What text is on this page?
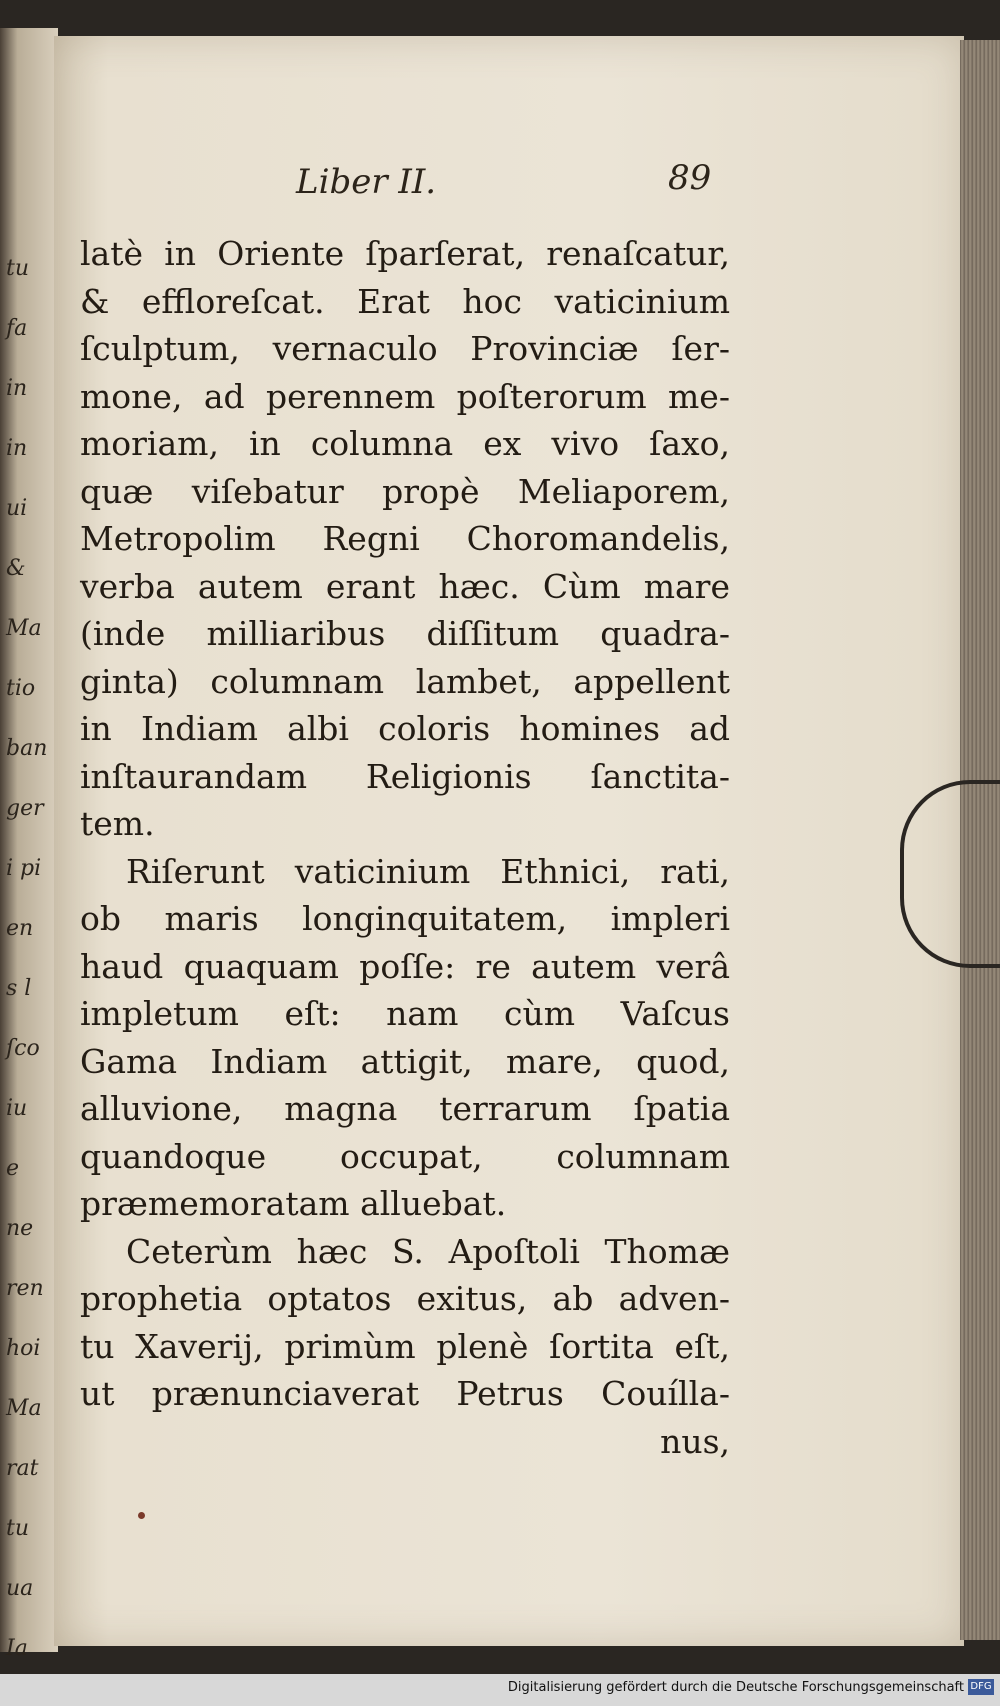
tu
fa
in
in
ui
&
Ma
tio
ban
ger
i pi
en
s l
ſco
iu
e
ne
ren
hoi
Ma
rat
tu
ua
Ia
Liber II.	89
latè in Oriente ſparſerat, renaſcatur,
& effloreſcat. Erat hoc vaticinium
ſculptum, vernaculo Provinciæ ſer-
mone, ad perennem poſterorum me-
moriam, in columna ex vivo ſaxo,
quæ viſebatur propè Meliaporem,
Metropolim Regni Choromandelis,
verba autem erant hæc. Cùm mare
(inde milliaribus diſſitum quadra-
ginta) columnam lambet, appellent
in Indiam albi coloris homines ad
inſtaurandam Religionis ſanctita-
tem.
Riſerunt vaticinium Ethnici, rati,
ob maris longinquitatem, impleri
haud quaquam poſſe: re autem verâ
impletum eſt: nam cùm Vaſcus
Gama Indiam attigit, mare, quod,
alluvione, magna terrarum ſpatia
quandoque occupat, columnam
præmemoratam alluebat.
Ceterùm hæc S. Apoſtoli Thomæ
prophetia optatos exitus, ab adven-
tu Xaverij, primùm plenè ſortita eſt,
ut prænunciaverat Petrus Couílla-
nus,
Digitalisierung gefördert durch die Deutsche Forschungsgemeinschaft DFG
